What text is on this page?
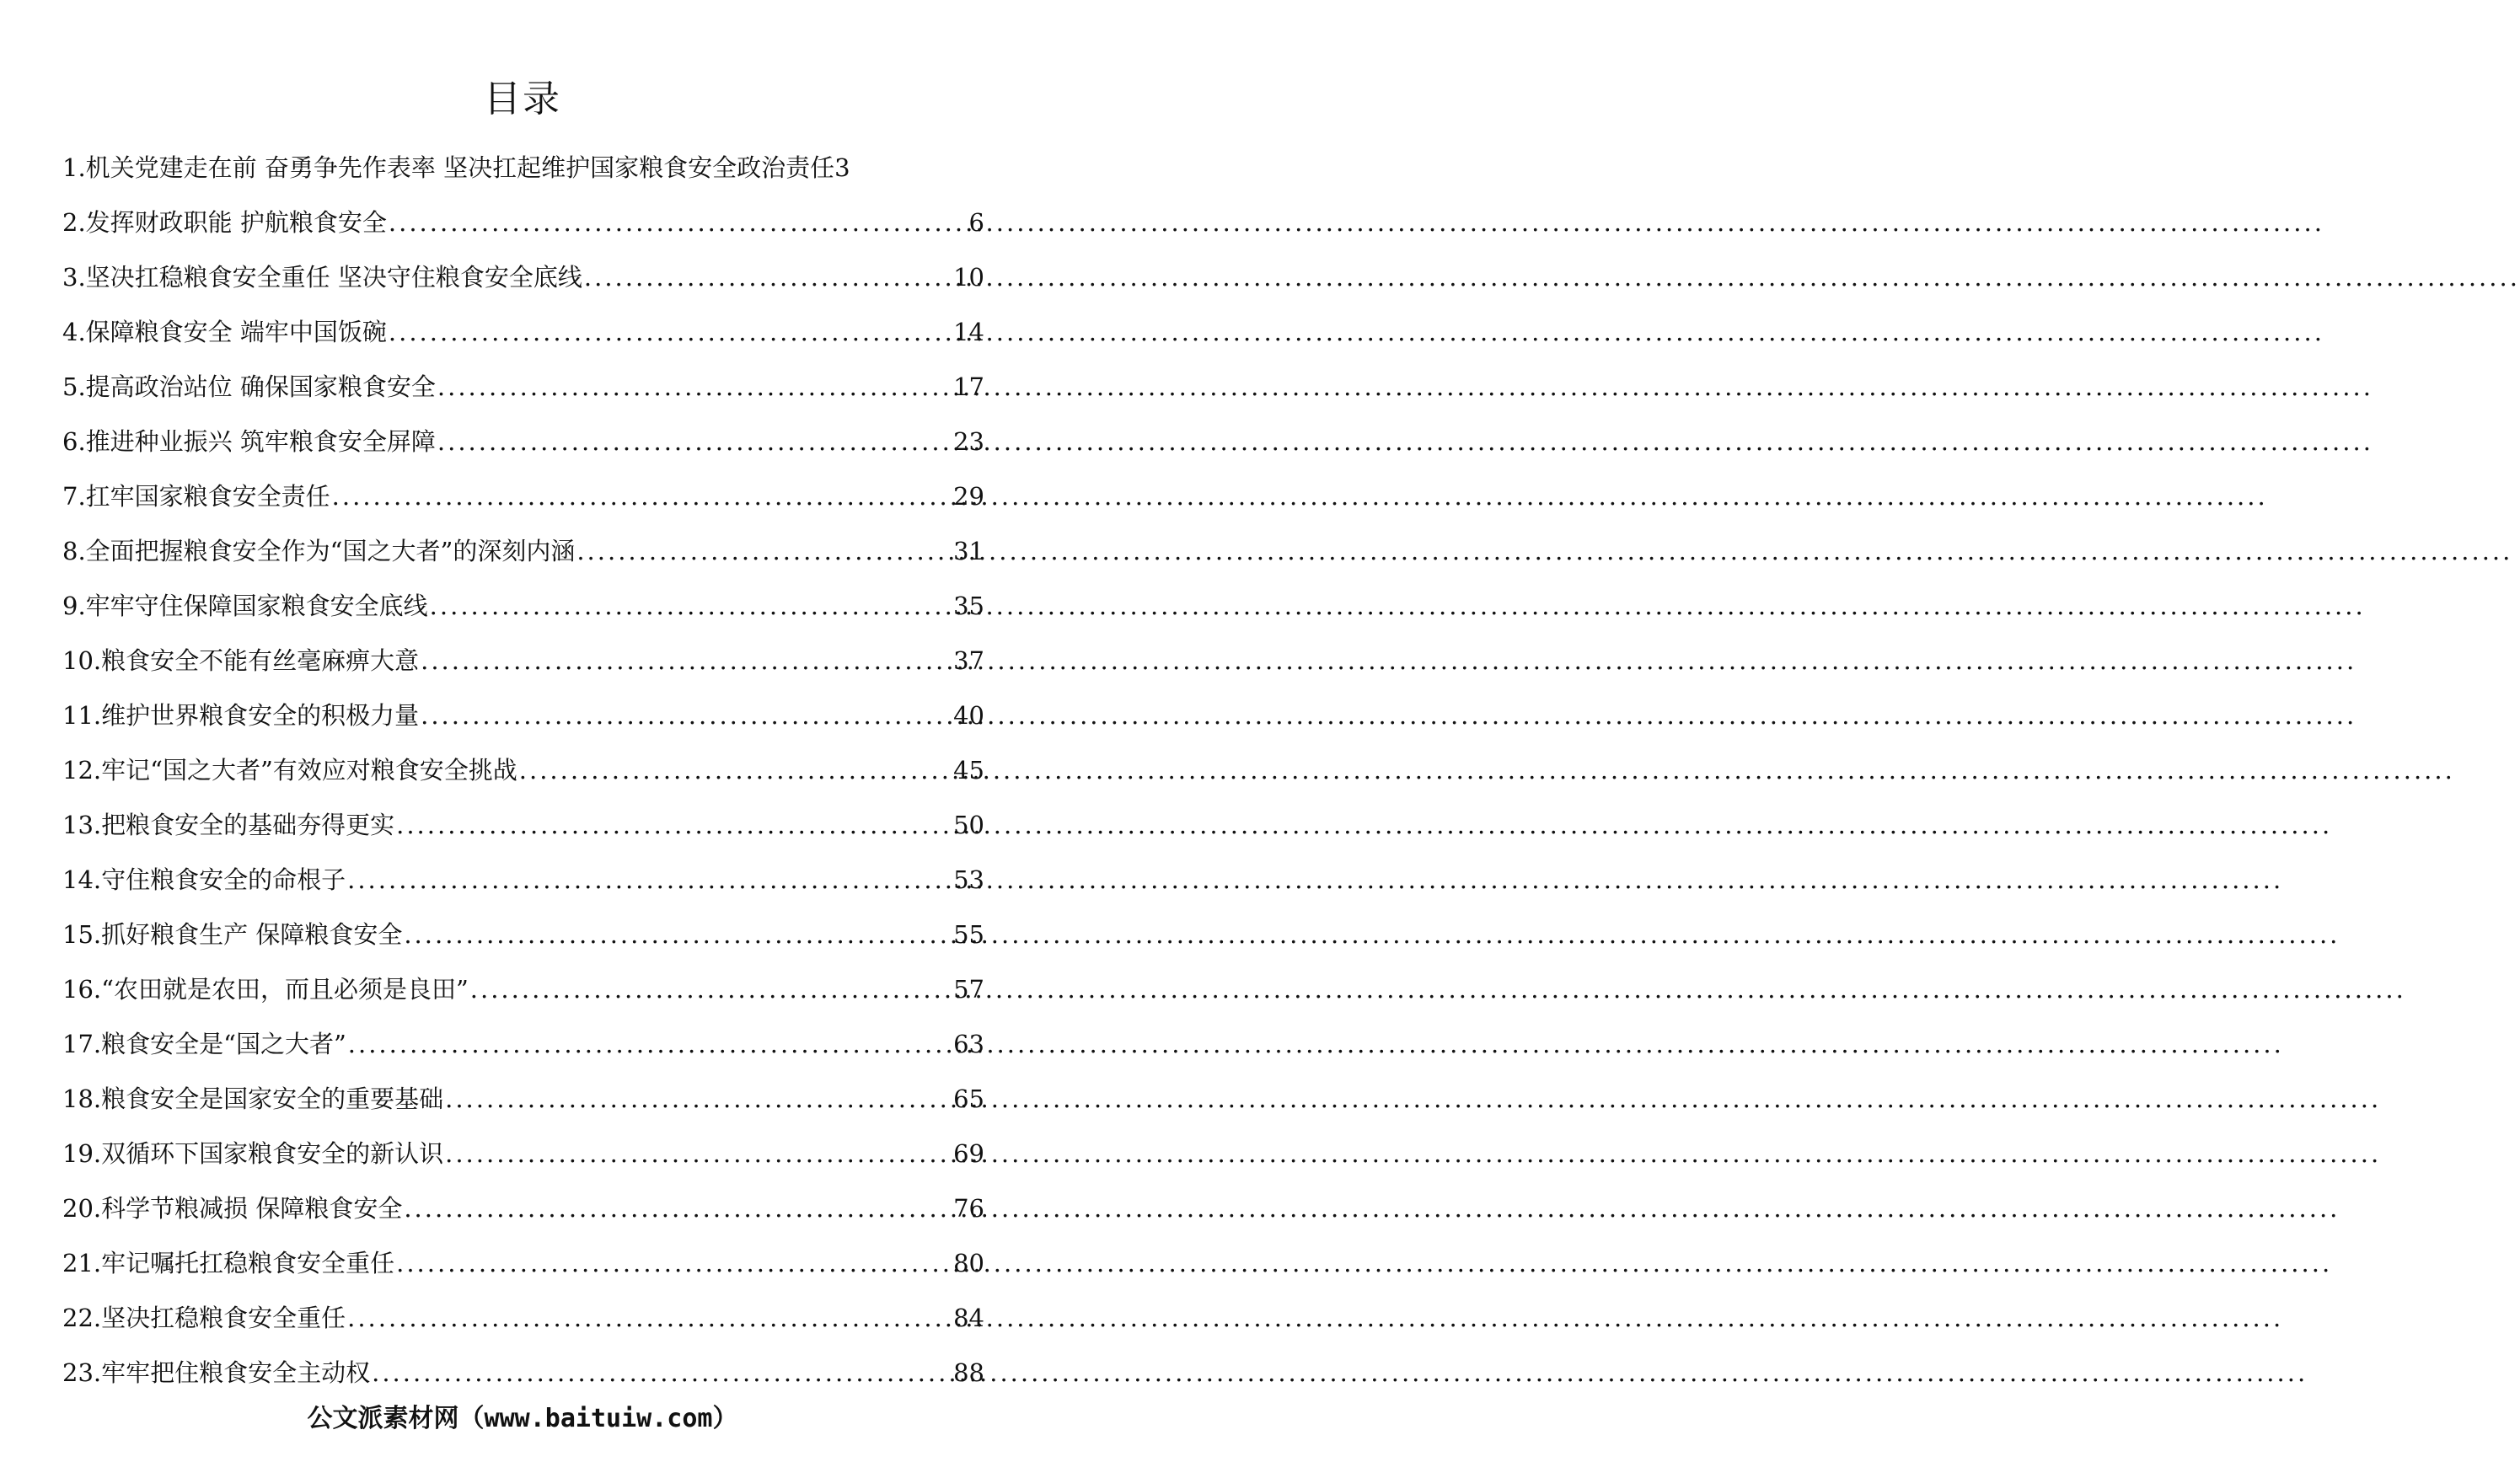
目录
1.机关党建走在前 奋勇争先作表率 坚决扛起维护国家粮食安全政治责任 3
2.发挥财政职能 护航粮食安全 .....	6
3.坚决扛稳粮食安全重任 坚决守住粮食安全底线 .....	10
4.保障粮食安全 端牢中国饭碗 .....	14
5.提高政治站位 确保国家粮食安全 .....	17
6.推进种业振兴 筑牢粮食安全屏障 .....	23
7.扛牢国家粮食安全责任 .....	29
8.全面把握粮食安全作为“国之大者”的深刻内涵 .....	31
9.牢牢守住保障国家粮食安全底线 .....	35
10.粮食安全不能有丝毫麻痹大意 .....	37
11.维护世界粮食安全的积极力量 .....	40
12.牢记“国之大者”有效应对粮食安全挑战 .....	45
13.把粮食安全的基础夯得更实 .....	50
14.守住粮食安全的命根子 .....	53
15.抓好粮食生产 保障粮食安全 .....	55
16.“农田就是农田，而且必须是良田” .....	57
17.粮食安全是“国之大者” .....	63
18.粮食安全是国家安全的重要基础 .....	65
19.双循环下国家粮食安全的新认识 .....	69
20.科学节粮减损 保障粮食安全 .....	76
21.牢记嘱托扛稳粮食安全重任 .....	80
22.坚决扛稳粮食安全重任 .....	84
23.牢牢把住粮食安全主动权 .....	88
公文派素材网（www.baituiw.com）
